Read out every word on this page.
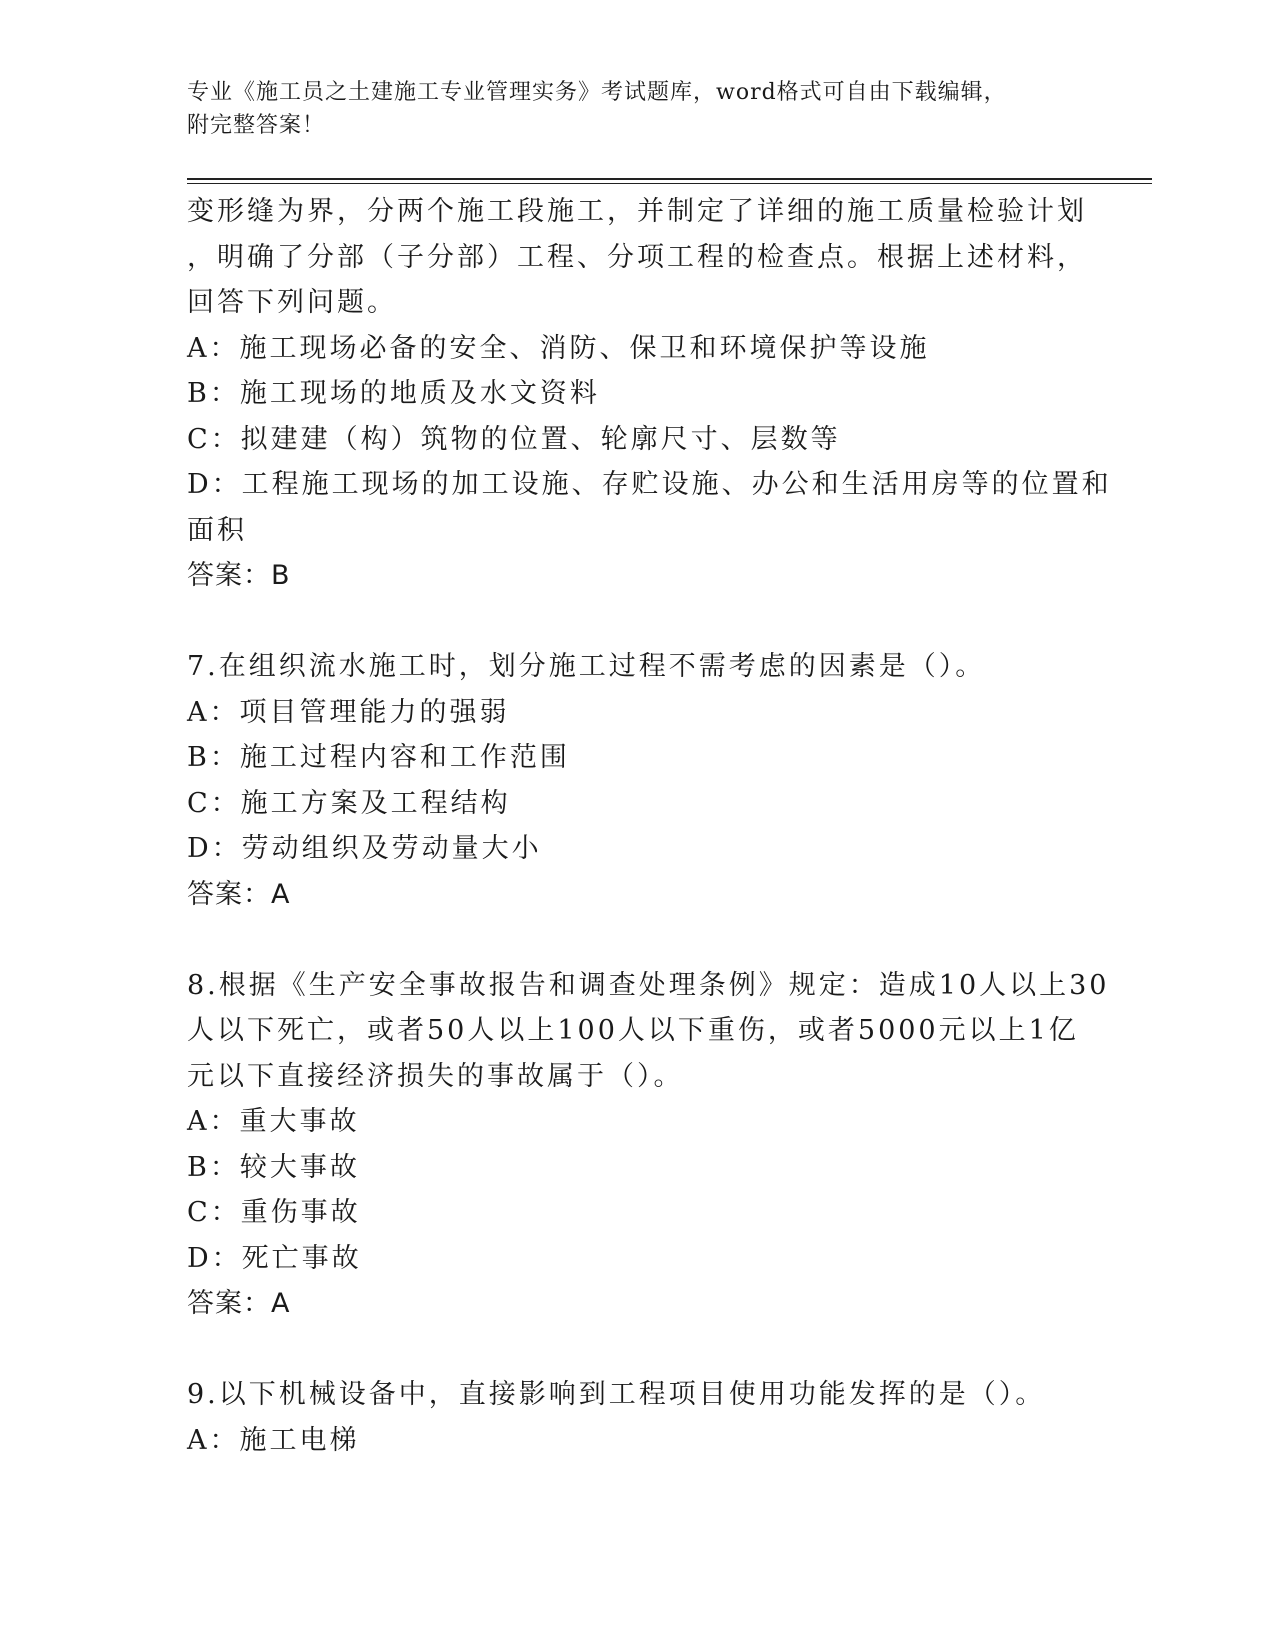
专业《施工员之土建施工专业管理实务》考试题库，word格式可自由下载编辑，
附完整答案！
变形缝为界，分两个施工段施工，并制定了详细的施工质量检验计划
，明确了分部（子分部）工程、分项工程的检查点。根据上述材料，
回答下列问题。
A：施工现场必备的安全、消防、保卫和环境保护等设施
B：施工现场的地质及水文资料
C：拟建建（构）筑物的位置、轮廓尺寸、层数等
D：工程施工现场的加工设施、存贮设施、办公和生活用房等的位置和
面积
答案：B
7.在组织流水施工时，划分施工过程不需考虑的因素是（）。
A：项目管理能力的强弱
B：施工过程内容和工作范围
C：施工方案及工程结构
D：劳动组织及劳动量大小
答案：A
8.根据《生产安全事故报告和调查处理条例》规定：造成10人以上30
人以下死亡，或者50人以上100人以下重伤，或者5000元以上1亿
元以下直接经济损失的事故属于（）。
A：重大事故
B：较大事故
C：重伤事故
D：死亡事故
答案：A
9.以下机械设备中，直接影响到工程项目使用功能发挥的是（）。
A：施工电梯
